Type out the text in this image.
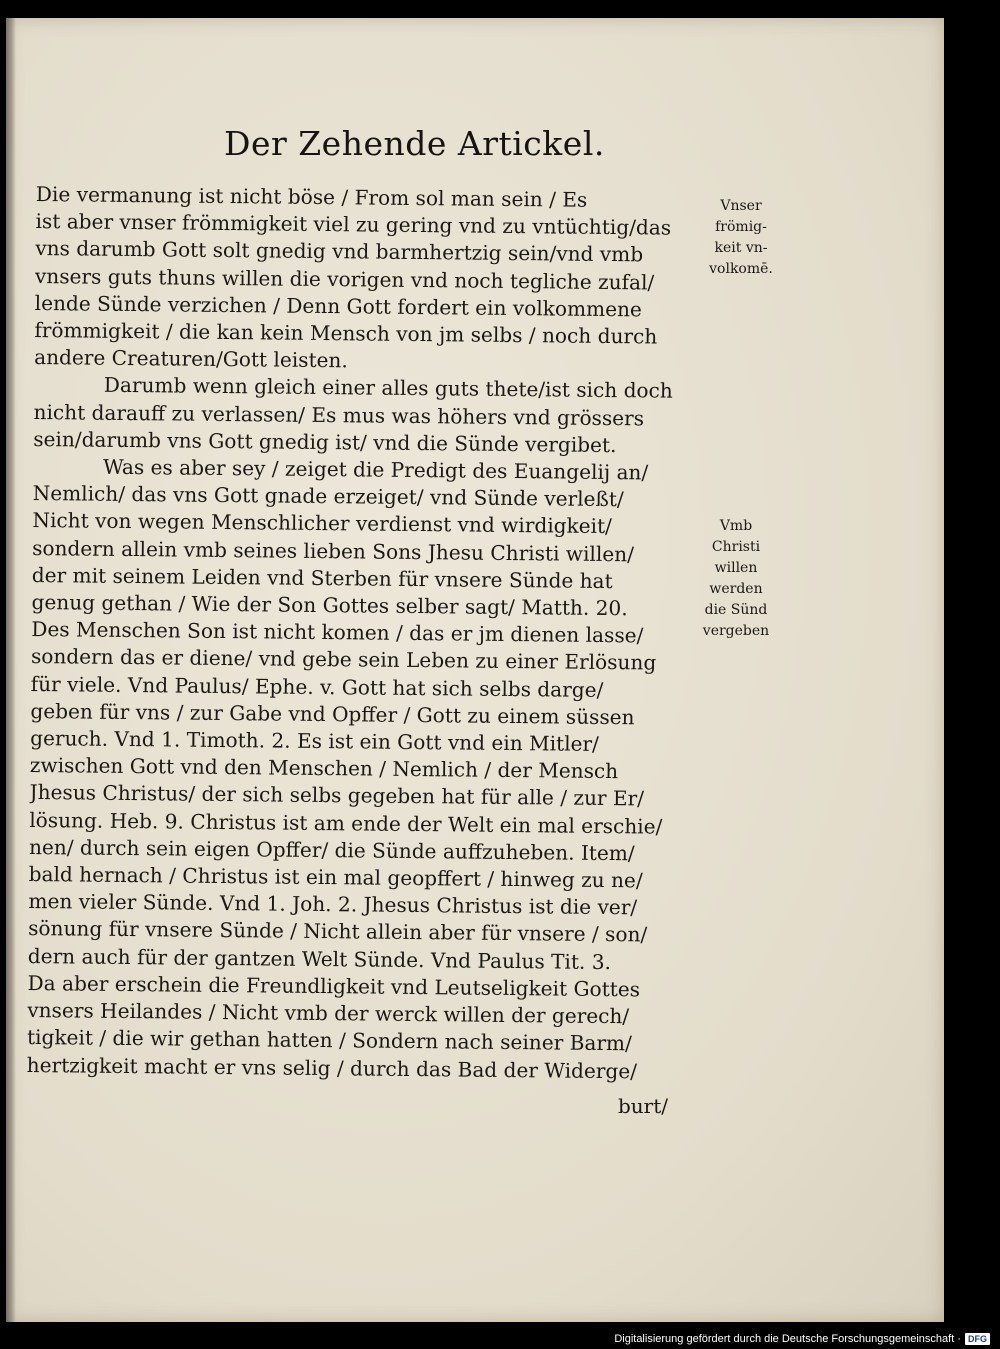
Der Zehende Artickel.
Die vermanung ist nicht böse / From sol man sein / Es
ist aber vnser frömmigkeit viel zu gering vnd zu vntüchtig/das
vns darumb Gott solt gnedig vnd barmhertzig sein/vnd vmb
vnsers guts thuns willen die vorigen vnd noch tegliche zufal/
lende Sünde verzichen / Denn Gott fordert ein volkommene
frömmigkeit / die kan kein Mensch von jm selbs / noch durch
andere Creaturen/Gott leisten.
Darumb wenn gleich einer alles guts thete/ist sich doch
nicht darauff zu verlassen/ Es mus was höhers vnd grössers
sein/darumb vns Gott gnedig ist/ vnd die Sünde vergibet.
Was es aber sey / zeiget die Predigt des Euangelij an/
Nemlich/ das vns Gott gnade erzeiget/ vnd Sünde verleßt/
Nicht von wegen Menschlicher verdienst vnd wirdigkeit/
sondern allein vmb seines lieben Sons Jhesu Christi willen/
der mit seinem Leiden vnd Sterben für vnsere Sünde hat
genug gethan / Wie der Son Gottes selber sagt/ Matth. 20.
Des Menschen Son ist nicht komen / das er jm dienen lasse/
sondern das er diene/ vnd gebe sein Leben zu einer Erlösung
für viele. Vnd Paulus/ Ephe. v. Gott hat sich selbs darge/
geben für vns / zur Gabe vnd Opffer / Gott zu einem süssen
geruch. Vnd 1. Timoth. 2. Es ist ein Gott vnd ein Mitler/
zwischen Gott vnd den Menschen / Nemlich / der Mensch
Jhesus Christus/ der sich selbs gegeben hat für alle / zur Er/
lösung. Heb. 9. Christus ist am ende der Welt ein mal erschie/
nen/ durch sein eigen Opffer/ die Sünde auffzuheben. Item/
bald hernach / Christus ist ein mal geopffert / hinweg zu ne/
men vieler Sünde. Vnd 1. Joh. 2. Jhesus Christus ist die ver/
sönung für vnsere Sünde / Nicht allein aber für vnsere / son/
dern auch für der gantzen Welt Sünde. Vnd Paulus Tit. 3.
Da aber erschein die Freundligkeit vnd Leutseligkeit Gottes
vnsers Heilandes / Nicht vmb der werck willen der gerech/
tigkeit / die wir gethan hatten / Sondern nach seiner Barm/
hertzigkeit macht er vns selig / durch das Bad der Widerge/
burt/
Vnser
frömig-
keit vn-
volkomē.
Vmb
Christi
willen
werden
die Sünd
vergeben
Digitalisierung gefördert durch die Deutsche Forschungsgemeinschaft · DFG
